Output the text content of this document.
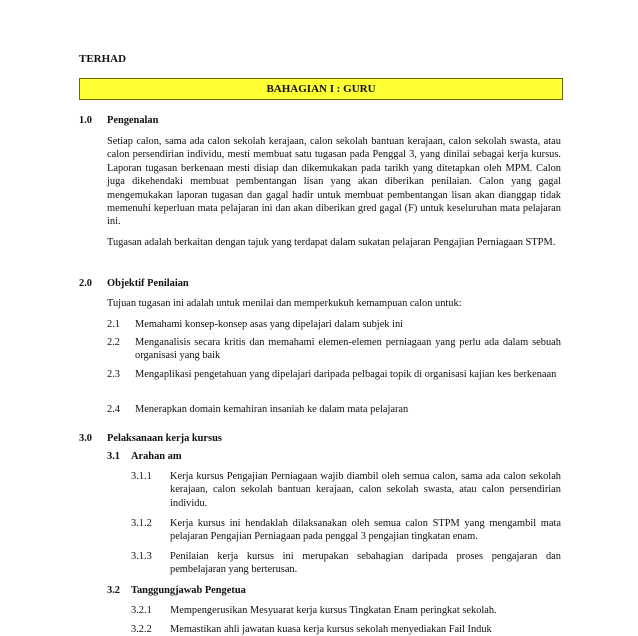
TERHAD
BAHAGIAN I : GURU
1.0 Pengenalan
Setiap calon, sama ada calon sekolah kerajaan, calon sekolah bantuan kerajaan, calon sekolah swasta, atau calon persendirian individu, mesti membuat satu tugasan pada Penggal 3, yang dinilai sebagai kerja kursus. Laporan tugasan berkenaan mesti disiap dan dikemukakan pada tarikh yang ditetapkan oleh MPM. Calon juga dikehendaki membuat pembentangan lisan yang akan diberikan penilaian. Calon yang gagal mengemukakan laporan tugasan dan gagal hadir untuk membuat pembentangan lisan akan dianggap tidak memenuhi keperluan mata pelajaran ini dan akan diberikan gred gagal (F) untuk keseluruhan mata pelajaran ini.
Tugasan adalah berkaitan dengan tajuk yang terdapat dalam sukatan pelajaran Pengajian Perniagaan STPM.
2.0 Objektif Penilaian
Tujuan tugasan ini adalah untuk menilai dan memperkukuh kemampuan calon untuk:
2.1 Memahami konsep-konsep asas yang dipelajari dalam subjek ini
2.2 Menganalisis secara kritis dan memahami elemen-elemen perniagaan yang perlu ada dalam sebuah organisasi yang baik
2.3 Mengaplikasi pengetahuan yang dipelajari daripada pelbagai topik di organisasi kajian kes berkenaan
2.4 Menerapkan domain kemahiran insaniah ke dalam mata pelajaran
3.0 Pelaksanaan kerja kursus
3.1 Arahan am
3.1.1 Kerja kursus Pengajian Perniagaan wajib diambil oleh semua calon, sama ada calon sekolah kerajaan, calon sekolah bantuan kerajaan, calon sekolah swasta, atau calon persendirian individu.
3.1.2 Kerja kursus ini hendaklah dilaksanakan oleh semua calon STPM yang mengambil mata pelajaran Pengajian Perniagaan pada penggal 3 pengajian tingkatan enam.
3.1.3 Penilaian kerja kursus ini merupakan sebahagian daripada proses pengajaran dan pembelajaran yang berterusan.
3.2 Tanggungjawab Pengetua
3.2.1 Mempengerusikan Mesyuarat kerja kursus Tingkatan Enam peringkat sekolah.
3.2.2 Memastikan ahli jawatan kuasa kerja kursus sekolah menyediakan Fail Induk
